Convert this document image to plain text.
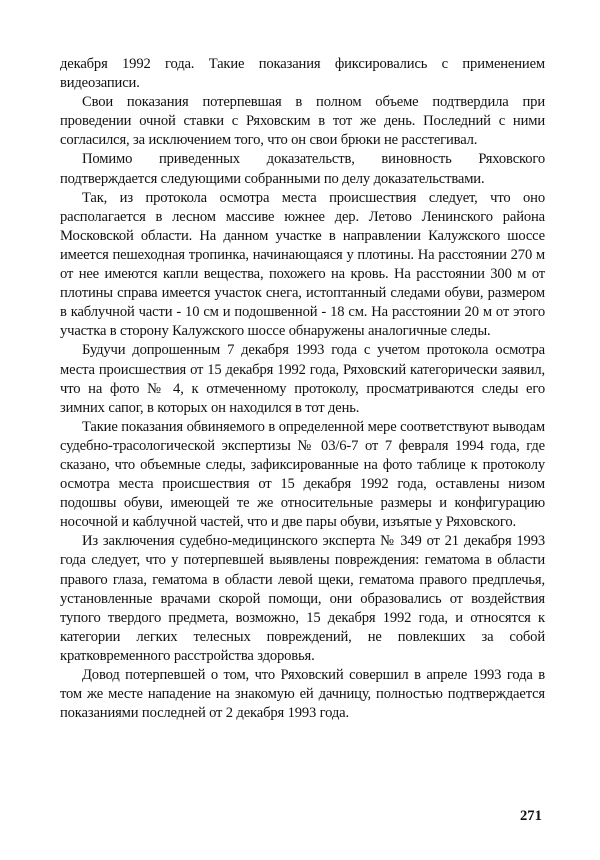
декабря 1992 года. Такие показания фиксировались с применением видеозаписи.

Свои показания потерпевшая в полном объеме подтвердила при проведении очной ставки с Ряховским в тот же день. Последний с ними согласился, за исключением того, что он свои брюки не расстегивал.

Помимо приведенных доказательств, виновность Ряховского подтверждается следующими собранными по делу доказательствами.

Так, из протокола осмотра места происшествия следует, что оно располагается в лесном массиве южнее дер. Летово Ленинского района Московской области. На данном участке в направлении Калужского шоссе имеется пешеходная тропинка, начинающаяся у плотины. На расстоянии 270 м от нее имеются капли вещества, похожего на кровь. На расстоянии 300 м от плотины справа имеется участок снега, истоптанный следами обуви, размером в каблучной части - 10 см и подошвенной - 18 см. На расстоянии 20 м от этого участка в сторону Калужского шоссе обнаружены аналогичные следы.

Будучи допрошенным 7 декабря 1993 года с учетом протокола осмотра места происшествия от 15 декабря 1992 года, Ряховский категорически заявил, что на фото № 4, к отмеченному протоколу, просматриваются следы его зимних сапог, в которых он находился в тот день.

Такие показания обвиняемого в определенной мере соответствуют выводам судебно-трасологической экспертизы № 03/6-7 от 7 февраля 1994 года, где сказано, что объемные следы, зафиксированные на фото таблице к протоколу осмотра места происшествия от 15 декабря 1992 года, оставлены низом подошвы обуви, имеющей те же относительные размеры и конфигурацию носочной и каблучной частей, что и две пары обуви, изъятые у Ряховского.

Из заключения судебно-медицинского эксперта № 349 от 21 декабря 1993 года следует, что у потерпевшей выявлены повреждения: гематома в области правого глаза, гематома в области левой щеки, гематома правого предплечья, установленные врачами скорой помощи, они образовались от воздействия тупого твердого предмета, возможно, 15 декабря 1992 года, и относятся к категории легких телесных повреждений, не повлекших за собой кратковременного расстройства здоровья.

Довод потерпевшей о том, что Ряховский совершил в апреле 1993 года в том же месте нападение на знакомую ей дачницу, полностью подтверждается показаниями последней от 2 декабря 1993 года.

271
